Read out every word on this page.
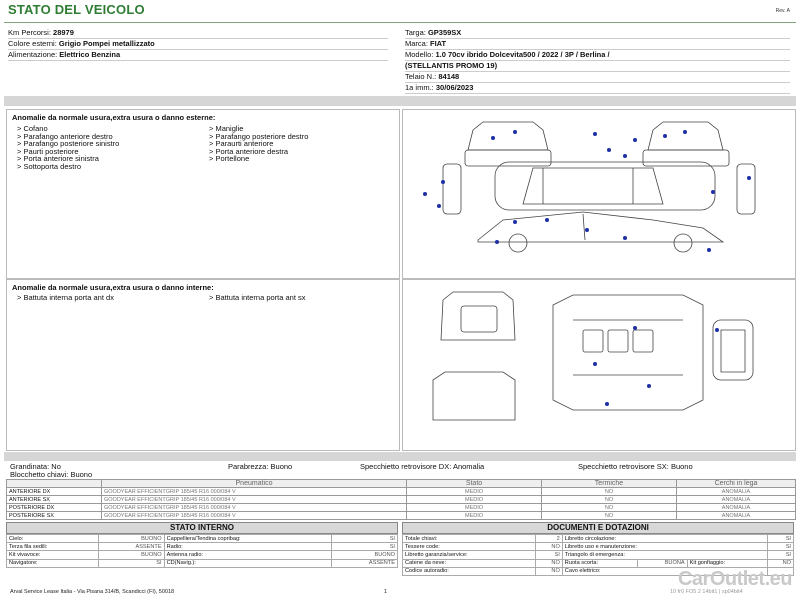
STATO DEL VEICOLO	Rev. A
Km Percorsi: 28979
Colore esterni: Grigio Pompei metallizzato
Alimentazione: Elettrico Benzina
Targa: GP359SX
Marca: FIAT
Modello: 1.0 70cv ibrido Dolcevita500 / 2022 / 3P / Berlina /
(STELLANTIS PROMO 19)
Telaio N.: 84148
1a imm.: 30/06/2023
Anomalie da normale usura,extra usura o danno esterne:
> Cofano
> Parafango anteriore destro
> Parafango posteriore sinistro
> Paurti posteriore
> Porta anteriore sinistra
> Sottoporta destro
> Maniglie
> Parafango posteriore destro
> Paraurti anteriore
> Porta anteriore destra
> Portellone
Anomalie da normale usura,extra usura o danno interne:
> Battuta interna porta ant dx	> Battuta interna porta ant sx
Grandinata: No
Blocchetto chiavi: Buono
Parabrezza: Buono	Specchietto retrovisore DX: Anomalia	Specchietto retrovisore SX: Buono
	Pneumatico	Stato	Termiche	Cerchi in lega
ANTERIORE DX	GOODYEAR EFFICIENTGRIP 185/45 R16 000/084 V	MEDIO	NO	ANOMALIA
ANTERIORE SX	GOODYEAR EFFICIENTGRIP 185/45 R16 000/084 V	MEDIO	NO	ANOMALIA
POSTERIORE DX	GOODYEAR EFFICIENTGRIP 185/45 R16 000/084 V	MEDIO	NO	ANOMALIA
POSTERIORE SX	GOODYEAR EFFICIENTGRIP 185/45 R16 000/084 V	MEDIO	NO	ANOMALIA
STATO INTERNO
Cielo:	BUONO	Cappelliera/Tendina copribag:	SI
Terza fila sedili:	ASSENTE	Radio:	SI
Kit vivavoce:	BUONO	Antenna radio:	BUONO
Navigatore:	SI	CD(Navig.):	ASSENTE
DOCUMENTI E DOTAZIONI
Totale chiavi:	2	Libretto circolazione:			SI
Tessere code:	NO	Libretto uso e manutenzione:			SI
Libretto garanzia/service:	SI	Triangolo di emergenza:			SI
Catene da neve:	NO	Ruota scorta:	BUONA	Kit gonfiaggio:	NO
Codice autoradio:	NO	Cavo elettrico:			
Arval Service Lease Italia - Via Pisana 314/B, Scandicci (FI), 50018	1	10 fr0 FO5 2 14bit1 | sp04bit4
CarOutlet.eu
